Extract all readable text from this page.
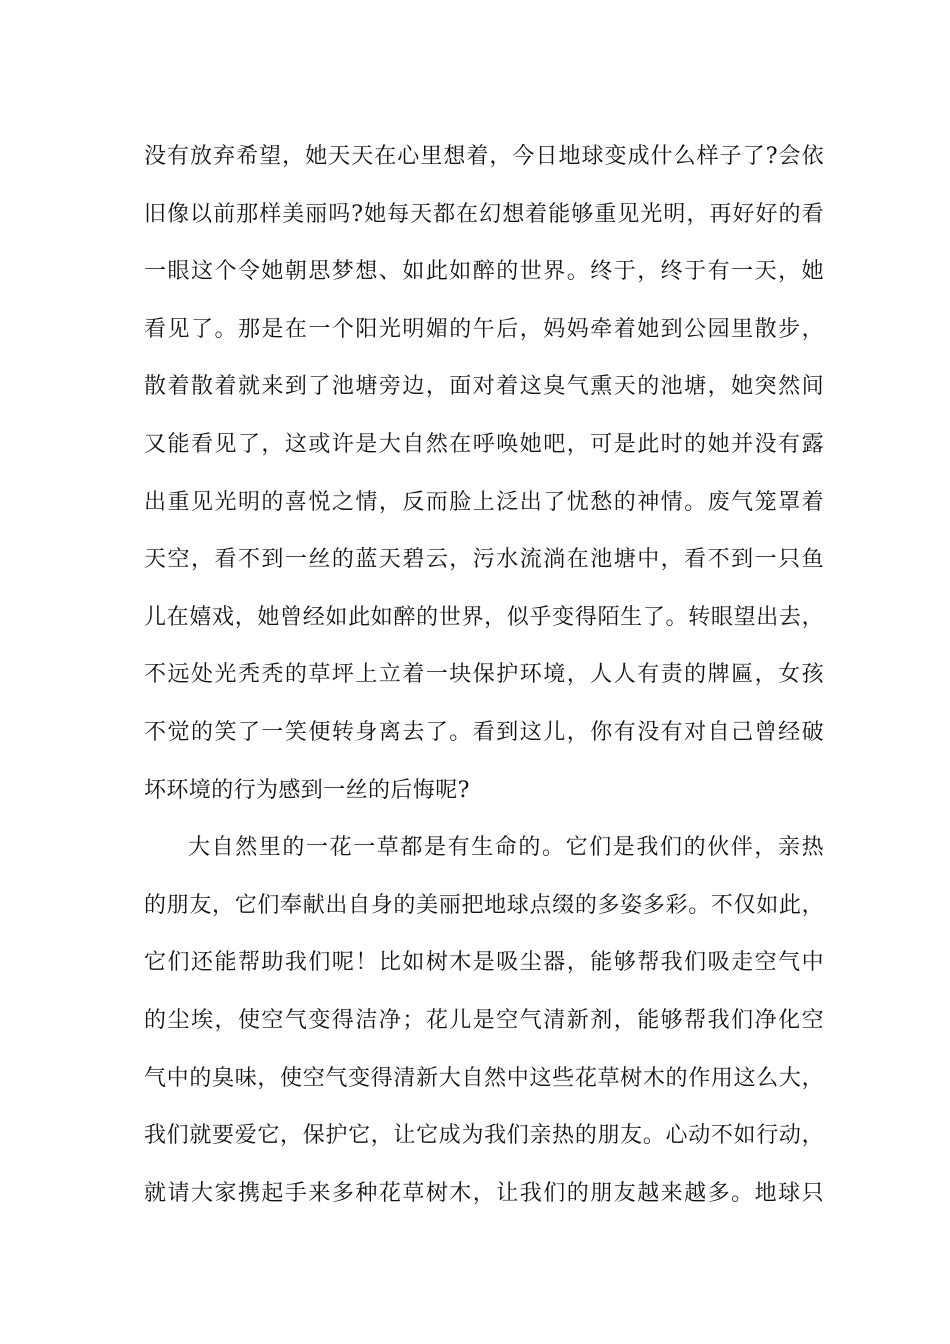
没有放弃希望，她天天在心里想着，今日地球变成什么样子了?会依
旧像以前那样美丽吗?她每天都在幻想着能够重见光明，再好好的看
一眼这个令她朝思梦想、如此如醉的世界。终于，终于有一天，她
看见了。那是在一个阳光明媚的午后，妈妈牵着她到公园里散步，
散着散着就来到了池塘旁边，面对着这臭气熏天的池塘，她突然间
又能看见了，这或许是大自然在呼唤她吧，可是此时的她并没有露
出重见光明的喜悦之情，反而脸上泛出了忧愁的神情。废气笼罩着
天空，看不到一丝的蓝天碧云，污水流淌在池塘中，看不到一只鱼
儿在嬉戏，她曾经如此如醉的世界，似乎变得陌生了。转眼望出去，
不远处光秃秃的草坪上立着一块保护环境，人人有责的牌匾，女孩
不觉的笑了一笑便转身离去了。看到这儿，你有没有对自己曾经破
坏环境的行为感到一丝的后悔呢?
大自然里的一花一草都是有生命的。它们是我们的伙伴，亲热
的朋友，它们奉献出自身的美丽把地球点缀的多姿多彩。不仅如此，
它们还能帮助我们呢！比如树木是吸尘器，能够帮我们吸走空气中
的尘埃，使空气变得洁净；花儿是空气清新剂，能够帮我们净化空
气中的臭味，使空气变得清新大自然中这些花草树木的作用这么大，
我们就要爱它，保护它，让它成为我们亲热的朋友。心动不如行动，
就请大家携起手来多种花草树木，让我们的朋友越来越多。地球只
